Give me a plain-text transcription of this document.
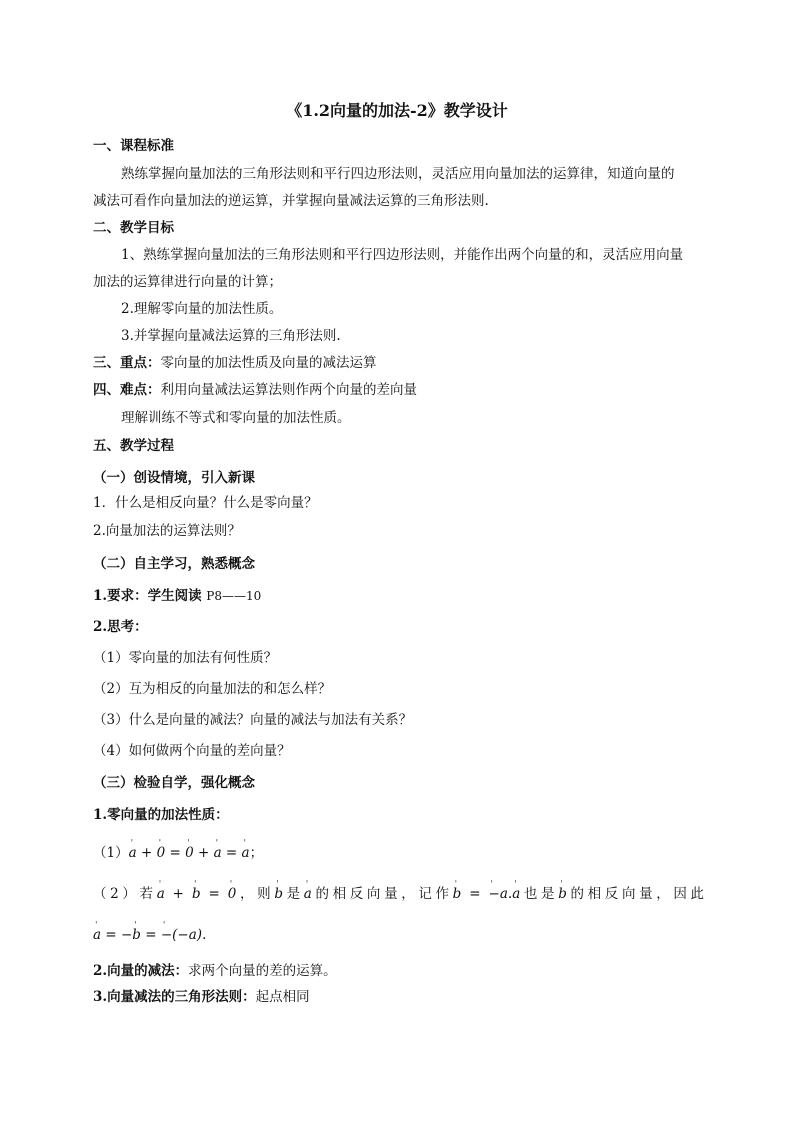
《1.2向量的加法-2》教学设计
一、课程标准
熟练掌握向量加法的三角形法则和平行四边形法则，灵活应用向量加法的运算律，知道向量的
减法可看作向量加法的逆运算，并掌握向量减法运算的三角形法则.
二、教学目标
1、熟练掌握向量加法的三角形法则和平行四边形法则，并能作出两个向量的和，灵活应用向量
加法的运算律进行向量的计算；
2.理解零向量的加法性质。
3.并掌握向量减法运算的三角形法则.
三、重点：零向量的加法性质及向量的减法运算
四、难点：利用向量减法运算法则作两个向量的差向量
理解训练不等式和零向量的加法性质。
五、教学过程
（一）创设情境，引入新课
1．什么是相反向量？什么是零向量？
2.向量加法的运算法则？
（二）自主学习，熟悉概念
1.要求：学生阅读 P8——10
2.思考：
（1）零向量的加法有何性质？
（2）互为相反的向量加法的和怎么样？
（3）什么是向量的减法？向量的减法与加法有关系？
（4）如何做两个向量的差向量？
（三）检验自学，强化概念
1.零向量的加法性质：
（1）' a + ' 0 = ' 0 + ' a = ' a；
（2）若' a + ' b = ' 0，则' b是' a的相反向量，记作' b = ' −a.' a也是' b的相反向量，因此
' a = −' b = ' −(−a).
2.向量的减法：求两个向量的差的运算。
3.向量减法的三角形法则：起点相同
